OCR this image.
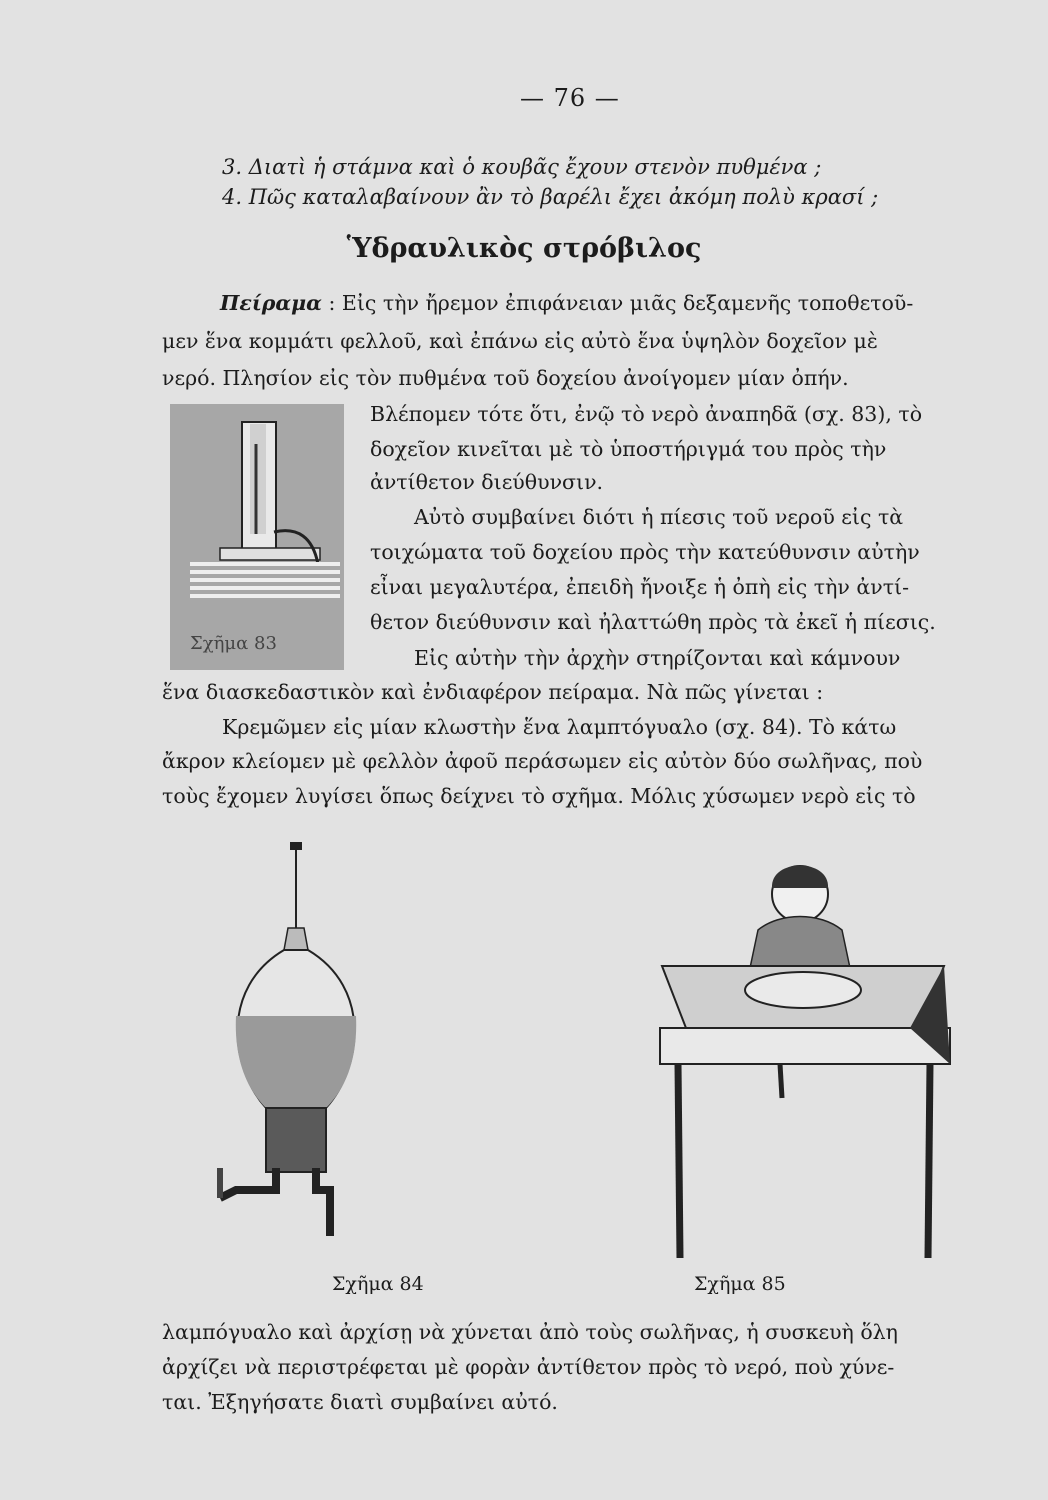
— 76 —
3. Διατὶ ἡ στάμνα καὶ ὁ κουβᾶς ἔχουν στενὸν πυθμένα ;
4. Πῶς καταλαβαίνουν ἂν τὸ βαρέλι ἔχει ἀκόμη πολὺ κρασί ;
Ὑδραυλικὸς στρόβιλος
Πείραμα : Εἰς τὴν ἤρεμον ἐπιφάνειαν μιᾶς δεξαμενῆς τοποθετοῦ-
μεν ἕνα κομμάτι φελλοῦ, καὶ ἐπάνω εἰς αὐτὸ ἕνα ὑψηλὸν δοχεῖον μὲ
νερό. Πλησίον εἰς τὸν πυθμένα τοῦ δοχείου ἀνοίγομεν μίαν ὀπήν.
Βλέπομεν τότε ὅτι, ἐνῷ τὸ νερὸ ἀναπηδᾶ (σχ. 83), τὸ
δοχεῖον κινεῖται μὲ τὸ ὑποστήριγμά του πρὸς τὴν
ἀντίθετον διεύθυνσιν.
Αὐτὸ συμβαίνει διότι ἡ πίεσις τοῦ νεροῦ εἰς τὰ
τοιχώματα τοῦ δοχείου πρὸς τὴν κατεύθυνσιν αὐτὴν
εἶναι μεγαλυτέρα, ἐπειδὴ ἤνοιξε ἡ ὀπὴ εἰς τὴν ἀντί-
θετον διεύθυνσιν καὶ ἠλαττώθη πρὸς τὰ ἐκεῖ ἡ πίεσις.
Εἰς αὐτὴν τὴν ἀρχὴν στηρίζονται καὶ κάμνουν
ἕνα διασκεδαστικὸν καὶ ἐνδιαφέρον πείραμα. Νὰ πῶς γίνεται :
Κρεμῶμεν εἰς μίαν κλωστὴν ἕνα λαμπτόγυαλο (σχ. 84). Τὸ κάτω
ἄκρον κλείομεν μὲ φελλὸν ἀφοῦ περάσωμεν εἰς αὐτὸν δύο σωλῆνας, ποὺ
τοὺς ἔχομεν λυγίσει ὅπως δείχνει τὸ σχῆμα. Μόλις χύσωμεν νερὸ εἰς τὸ
Σχῆμα 83
Σχῆμα 84	Σχῆμα 85
λαμπόγυαλο καὶ ἀρχίσῃ νὰ χύνεται ἀπὸ τοὺς σωλῆνας, ἡ συσκευὴ ὅλη
ἀρχίζει νὰ περιστρέφεται μὲ φορὰν ἀντίθετον πρὸς τὸ νερό, ποὺ χύνε-
ται. Ἐξηγήσατε διατὶ συμβαίνει αὐτό.
